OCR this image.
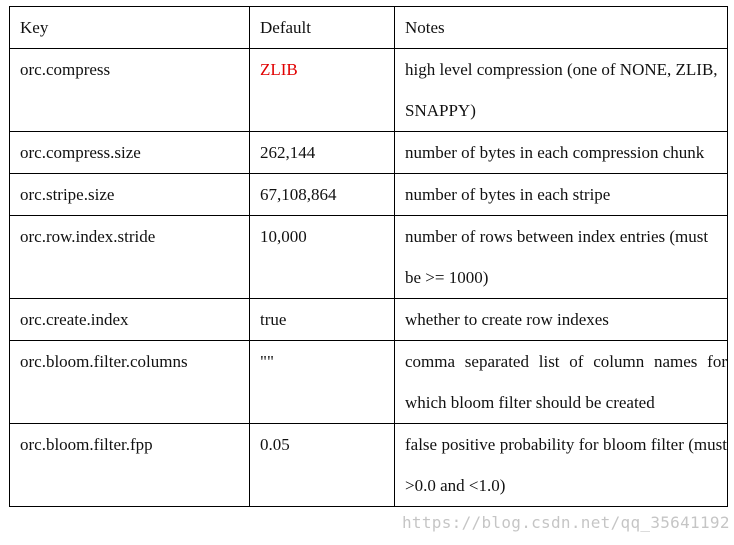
Key	Default	Notes
orc.compress	ZLIB	high level compression (one of NONE, ZLIB, SNAPPY)
orc.compress.size	262,144	number of bytes in each compression chunk
orc.stripe.size	67,108,864	number of bytes in each stripe
orc.row.index.stride	10,000	number of rows between index entries (must be >= 1000)
orc.create.index	true	whether to create row indexes
orc.bloom.filter.columns	""	comma separated list of column names for which bloom filter should be created
orc.bloom.filter.fpp	0.05	false positive probability for bloom filter (must >0.0 and <1.0)
https://blog.csdn.net/qq_35641192
